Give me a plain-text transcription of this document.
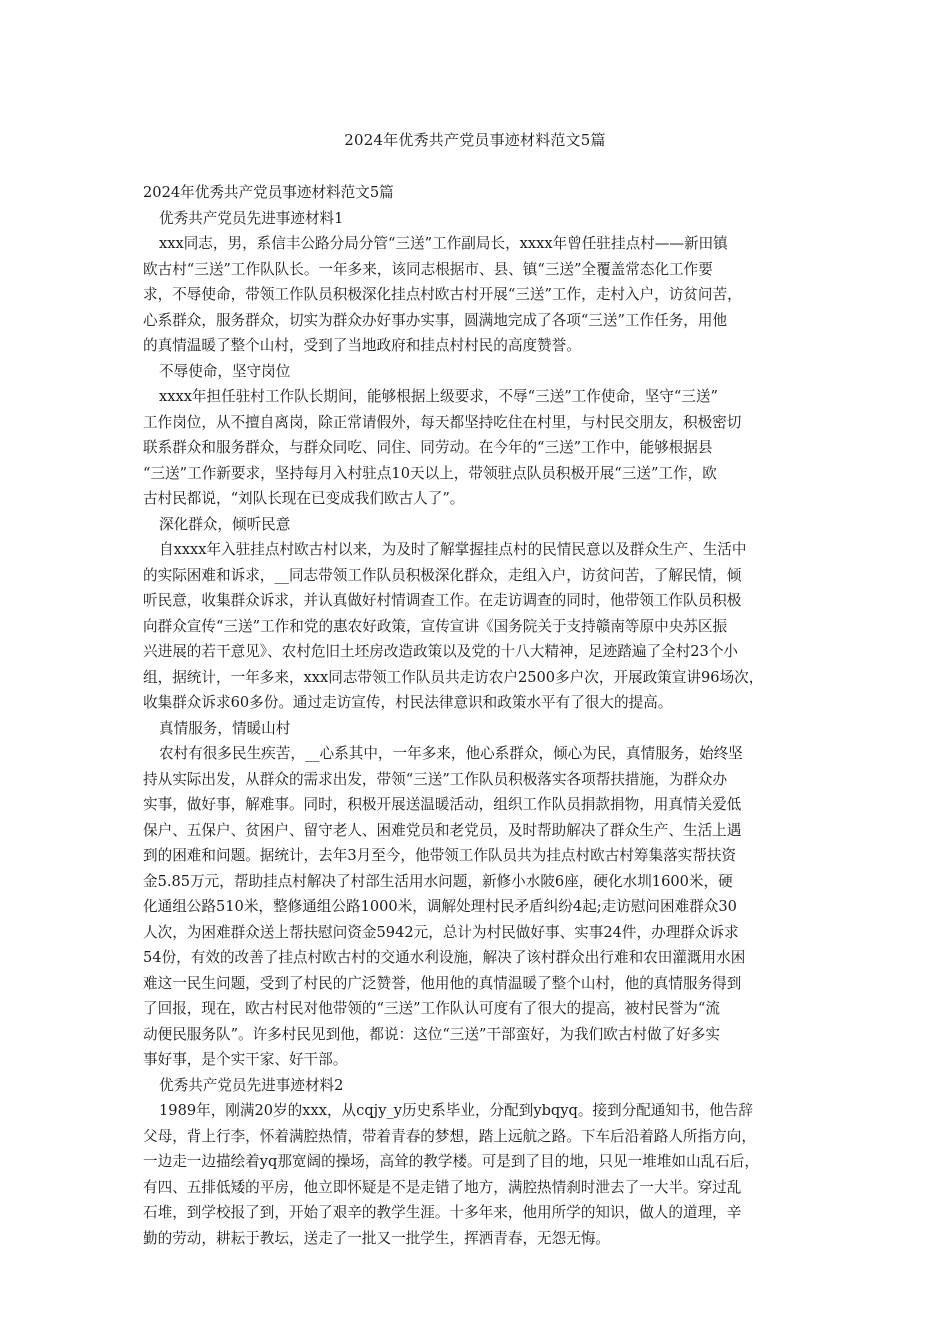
2024年优秀共产党员事迹材料范文5篇
2024年优秀共产党员事迹材料范文5篇
优秀共产党员先进事迹材料1
xxx同志，男，系信丰公路分局分管“三送”工作副局长，xxxx年曾任驻挂点村——新田镇
欧古村“三送”工作队队长。一年多来，该同志根据市、县、镇“三送”全覆盖常态化工作要
求，不辱使命，带领工作队员积极深化挂点村欧古村开展“三送”工作，走村入户，访贫问苦，
心系群众，服务群众，切实为群众办好事办实事，圆满地完成了各项“三送”工作任务，用他
的真情温暖了整个山村，受到了当地政府和挂点村村民的高度赞誉。
不辱使命，坚守岗位
xxxx年担任驻村工作队长期间，能够根据上级要求，不辱“三送”工作使命，坚守“三送”
工作岗位，从不擅自离岗，除正常请假外，每天都坚持吃住在村里，与村民交朋友，积极密切
联系群众和服务群众，与群众同吃、同住、同劳动。在今年的“三送”工作中，能够根据县
“三送”工作新要求，坚持每月入村驻点10天以上，带领驻点队员积极开展“三送”工作，欧
古村民都说，“刘队长现在已变成我们欧古人了”。
深化群众，倾听民意
自xxxx年入驻挂点村欧古村以来，为及时了解掌握挂点村的民情民意以及群众生产、生活中
的实际困难和诉求，__同志带领工作队员积极深化群众，走组入户，访贫问苦，了解民情，倾
听民意，收集群众诉求，并认真做好村情调查工作。在走访调查的同时，他带领工作队员积极
向群众宣传“三送”工作和党的惠农好政策，宣传宣讲《国务院关于支持赣南等原中央苏区振
兴进展的若干意见》、农村危旧土坯房改造政策以及党的十八大精神，足迹踏遍了全村23个小
组，据统计，一年多来，xxx同志带领工作队员共走访农户2500多户次，开展政策宣讲96场次，
收集群众诉求60多份。通过走访宣传，村民法律意识和政策水平有了很大的提高。
真情服务，情暖山村
农村有很多民生疾苦，__心系其中，一年多来，他心系群众，倾心为民，真情服务，始终坚
持从实际出发，从群众的需求出发，带领“三送”工作队员积极落实各项帮扶措施，为群众办
实事，做好事，解难事。同时，积极开展送温暖活动，组织工作队员捐款捐物，用真情关爱低
保户、五保户、贫困户、留守老人、困难党员和老党员，及时帮助解决了群众生产、生活上遇
到的困难和问题。据统计，去年3月至今，他带领工作队员共为挂点村欧古村筹集落实帮扶资
金5.85万元，帮助挂点村解决了村部生活用水问题，新修小水陂6座，硬化水圳1600米，硬
化通组公路510米，整修通组公路1000米，调解处理村民矛盾纠纷4起;走访慰问困难群众30
人次，为困难群众送上帮扶慰问资金5942元，总计为村民做好事、实事24件，办理群众诉求
54份，有效的改善了挂点村欧古村的交通水利设施，解决了该村群众出行难和农田灌溉用水困
难这一民生问题，受到了村民的广泛赞誉，他用他的真情温暖了整个山村，他的真情服务得到
了回报，现在，欧古村民对他带领的“三送”工作队认可度有了很大的提高，被村民誉为“流
动便民服务队”。许多村民见到他，都说：这位“三送”干部蛮好，为我们欧古村做了好多实
事好事，是个实干家、好干部。
优秀共产党员先进事迹材料2
1989年，刚满20岁的xxx，从cqjy_y历史系毕业，分配到ybqyq。接到分配通知书，他告辞
父母，背上行李，怀着满腔热情，带着青春的梦想，踏上远航之路。下车后沿着路人所指方向，
一边走一边描绘着yq那宽阔的操场，高耸的教学楼。可是到了目的地，只见一堆堆如山乱石后，
有四、五排低矮的平房，他立即怀疑是不是走错了地方，满腔热情刹时泄去了一大半。穿过乱
石堆，到学校报了到，开始了艰辛的教学生涯。十多年来，他用所学的知识，做人的道理，辛
勤的劳动，耕耘于教坛，送走了一批又一批学生，挥洒青春，无怨无悔。
